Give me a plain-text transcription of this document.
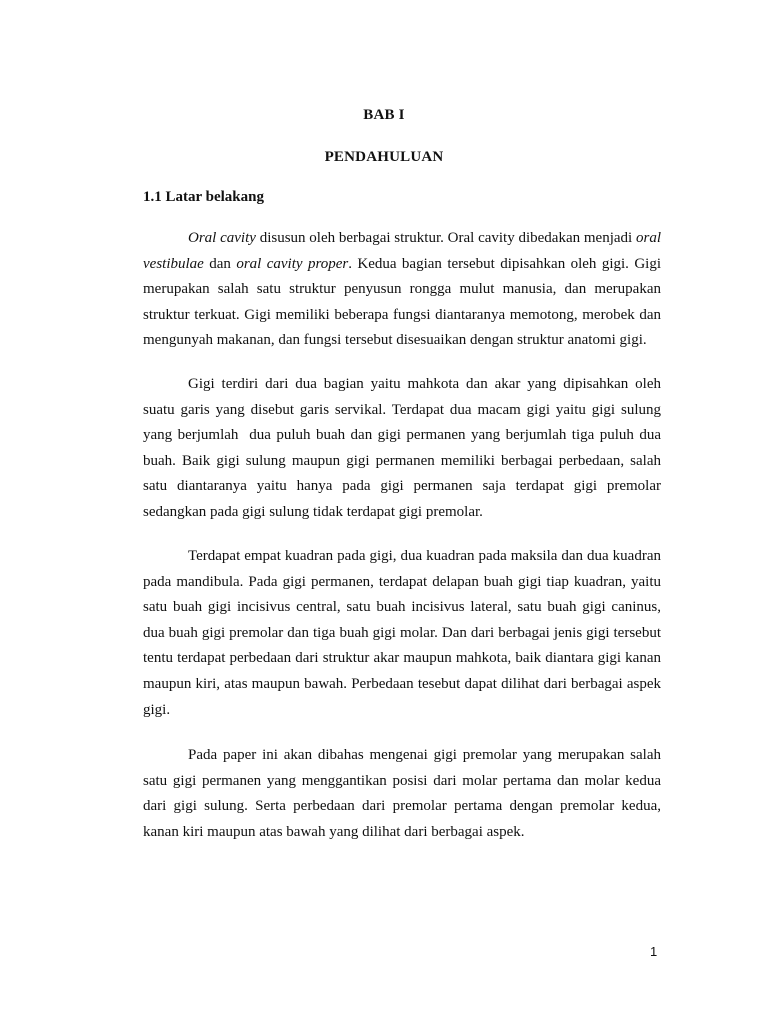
BAB I
PENDAHULUAN
1.1 Latar belakang

Oral cavity disusun oleh berbagai struktur. Oral cavity dibedakan menjadi oral vestibulae dan oral cavity proper. Kedua bagian tersebut dipisahkan oleh gigi. Gigi merupakan salah satu struktur penyusun rongga mulut manusia, dan merupakan struktur terkuat. Gigi memiliki beberapa fungsi diantaranya memotong, merobek dan mengunyah makanan, dan fungsi tersebut disesuaikan dengan struktur anatomi gigi.

Gigi terdiri dari dua bagian yaitu mahkota dan akar yang dipisahkan oleh suatu garis yang disebut garis servikal. Terdapat dua macam gigi yaitu gigi sulung yang berjumlah  dua puluh buah dan gigi permanen yang berjumlah tiga puluh dua buah. Baik gigi sulung maupun gigi permanen memiliki berbagai perbedaan, salah satu diantaranya yaitu hanya pada gigi permanen saja terdapat gigi premolar sedangkan pada gigi sulung tidak terdapat gigi premolar.

Terdapat empat kuadran pada gigi, dua kuadran pada maksila dan dua kuadran pada mandibula. Pada gigi permanen, terdapat delapan buah gigi tiap kuadran, yaitu satu buah gigi incisivus central, satu buah incisivus lateral, satu buah gigi caninus, dua buah gigi premolar dan tiga buah gigi molar. Dan dari berbagai jenis gigi tersebut tentu terdapat perbedaan dari struktur akar maupun mahkota, baik diantara gigi kanan maupun kiri, atas maupun bawah. Perbedaan tesebut dapat dilihat dari berbagai aspek gigi.

Pada paper ini akan dibahas mengenai gigi premolar yang merupakan salah satu gigi permanen yang menggantikan posisi dari molar pertama dan molar kedua dari gigi sulung. Serta perbedaan dari premolar pertama dengan premolar kedua, kanan kiri maupun atas bawah yang dilihat dari berbagai aspek.

1
